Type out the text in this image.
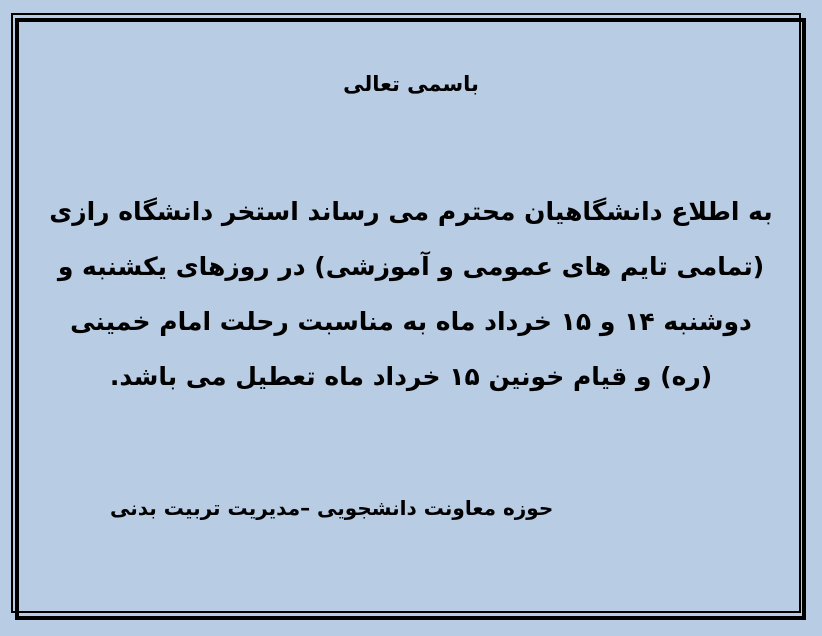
باسمی تعالی
به اطلاع دانشگاهیان محترم می رساند استخر دانشگاه رازی (تمامی تایم های عمومی و آموزشی) در روزهای یکشنبه و دوشنبه ۱۴ و ۱۵ خرداد ماه به مناسبت رحلت امام خمینی (ره) و قیام خونین ۱۵ خرداد ماه تعطیل می باشد.
حوزه معاونت دانشجویی –مدیریت تربیت بدنی
